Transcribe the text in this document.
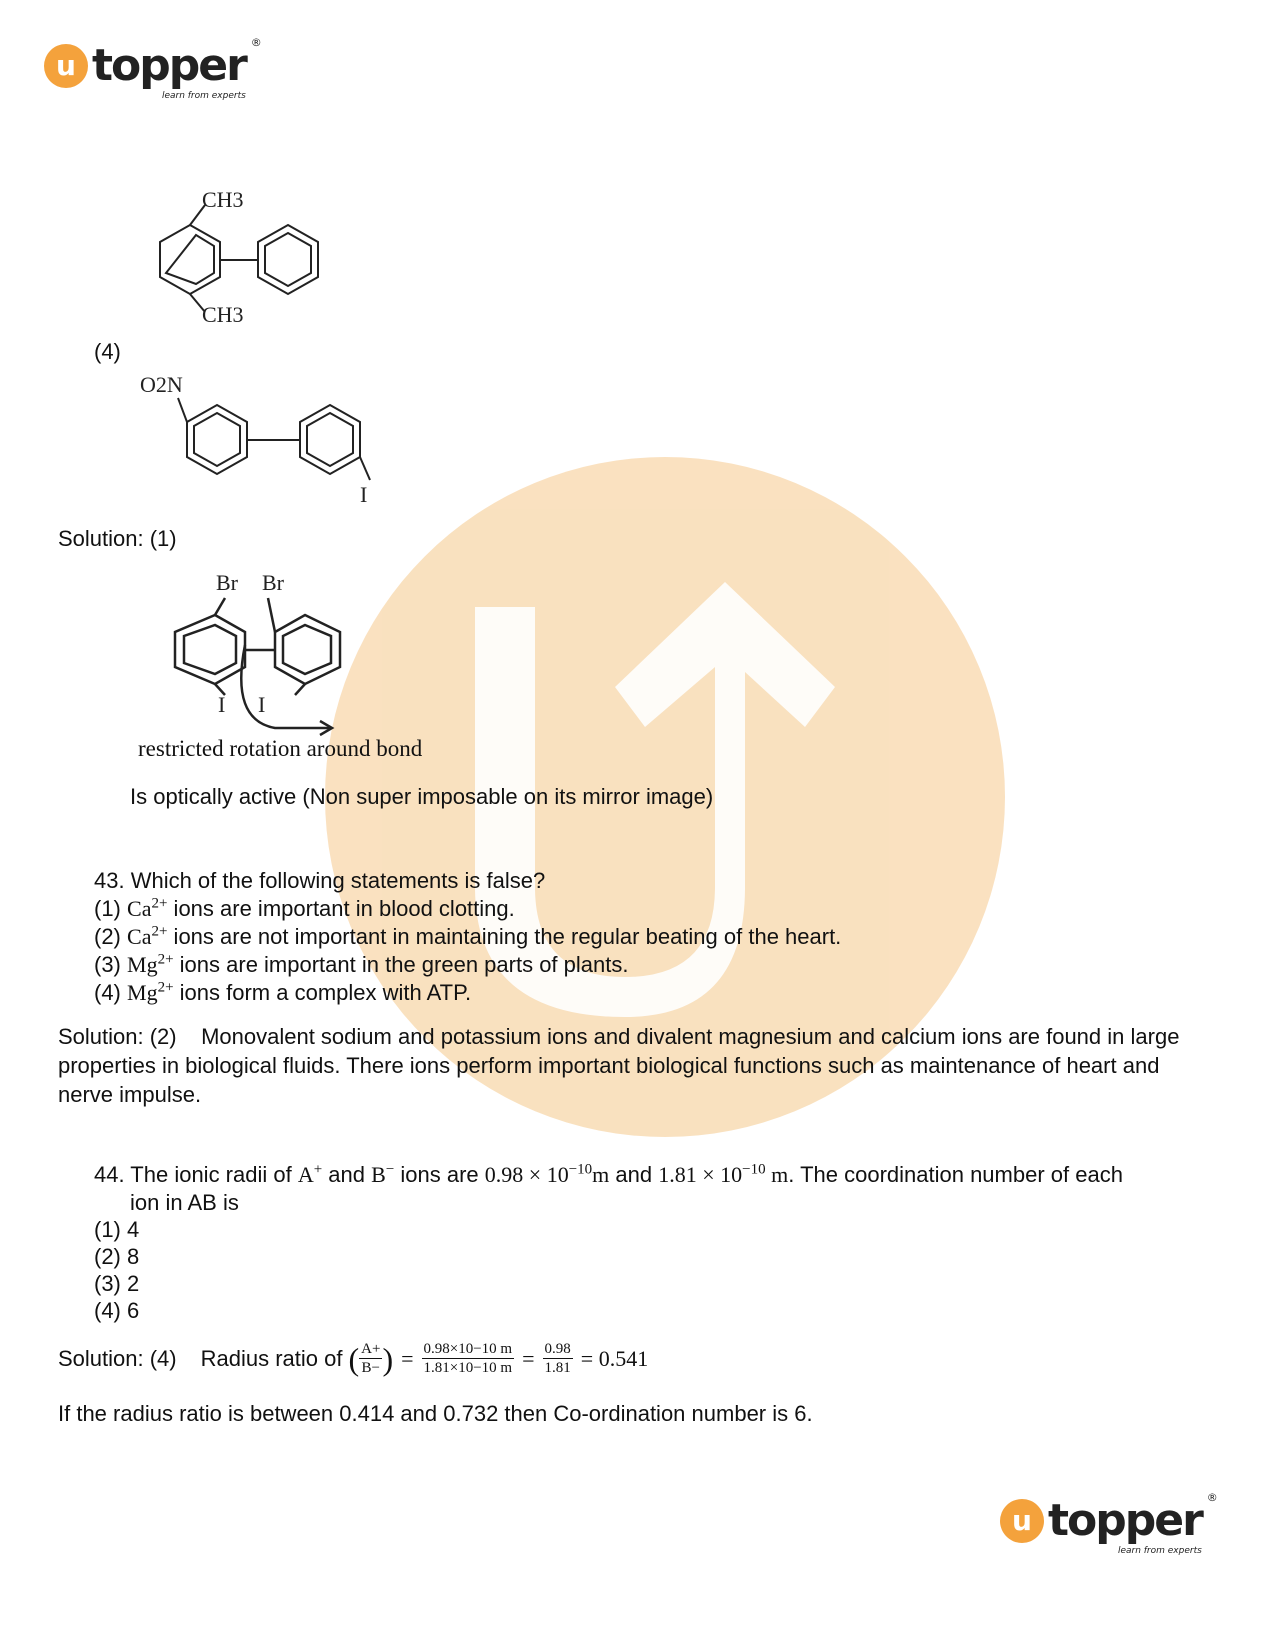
u topper ®
learn from experts
CH3
CH3
(4)
O2N
I
Solution: (1)
Br Br
I I
restricted rotation around bond
Is optically active (Non super imposable on its mirror image)
43. Which of the following statements is false?
(1) $Ca^{2+}$ ions are important in blood clotting.
(2) $Ca^{2+}$ ions are not important in maintaining the regular beating of the heart.
(3) $Mg^{2+}$ ions are important in the green parts of plants.
(4) $Mg^{2+}$ ions form a complex with ATP.
Solution: (2) Monovalent sodium and potassium ions and divalent magnesium and calcium ions are found in large properties in biological fluids. There ions perform important biological functions such as maintenance of heart and nerve impulse.
44. The ionic radii of A+ and B− ions are $0.98 \times 10^{-10}m$ and $1.81 \times 10^{-10}$ m. The coordination number of each
ion in AB is
(1) 4
(2) 8
(3) 2
(4) 6
Solution: (4) Radius ratio of ( $\frac{A+}{B-}$ ) = $\frac{0.98\times 10-10 m}{1.81\times 10-10 m} = \frac{0.98}{1.81} = 0.541$
If the radius ratio is between 0.414 and 0.732 then Co-ordination number is 6.
u topper ®
learn from experts
